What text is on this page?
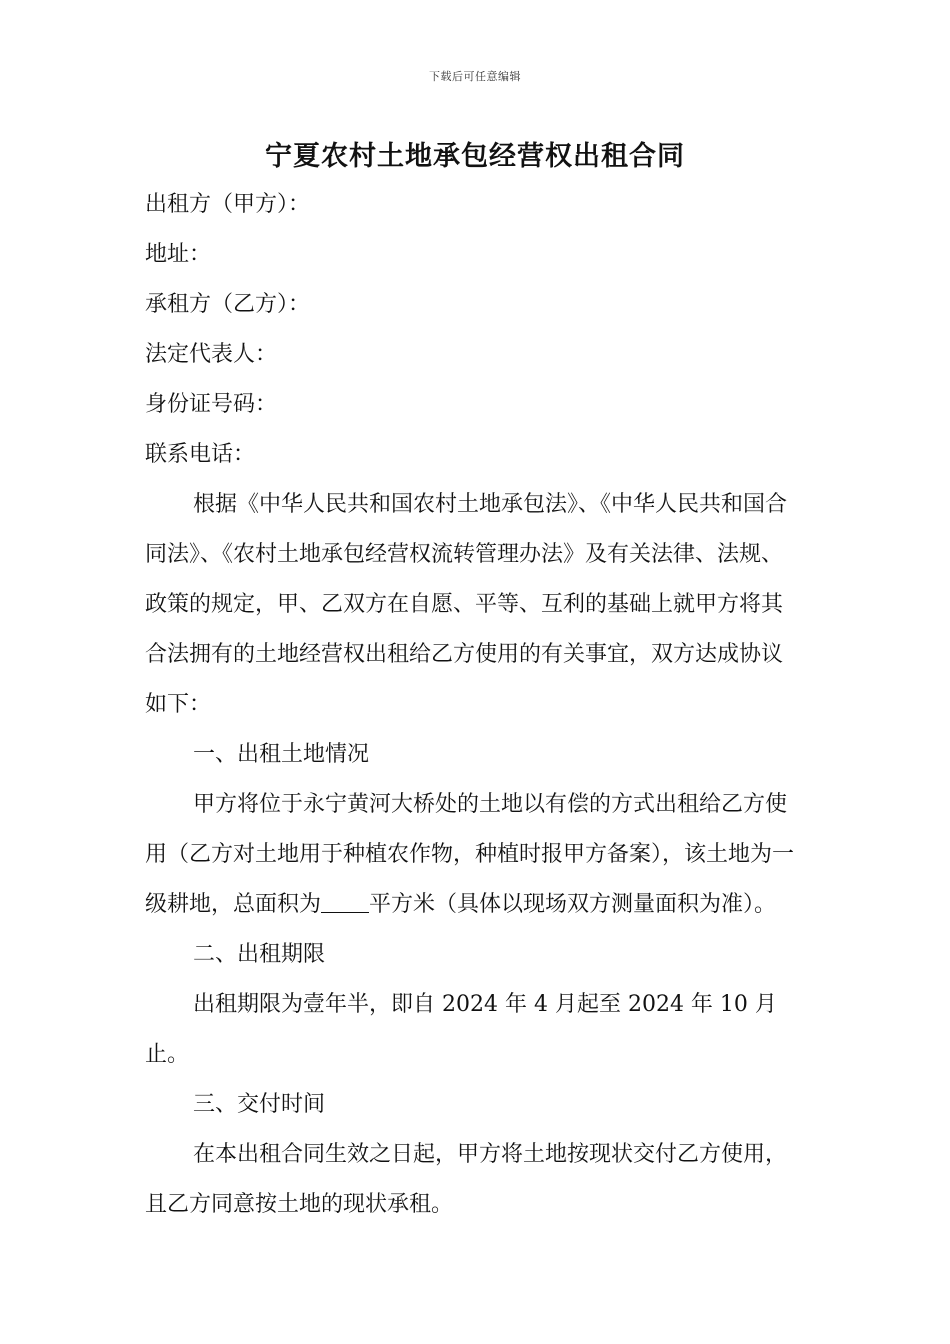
下载后可任意编辑
宁夏农村土地承包经营权出租合同

出租方（甲方）：

地址：

承租方（乙方）：

法定代表人：

身份证号码：

联系电话：

根据《中华人民共和国农村土地承包法》、《中华人民共和国合同法》、《农村土地承包经营权流转管理办法》及有关法律、法规、政策的规定，甲、乙双方在自愿、平等、互利的基础上就甲方将其合法拥有的土地经营权出租给乙方使用的有关事宜，双方达成协议如下：

一、出租土地情况

甲方将位于永宁黄河大桥处的土地以有偿的方式出租给乙方使用（乙方对土地用于种植农作物，种植时报甲方备案），该土地为一级耕地，总面积为 平方米（具体以现场双方测量面积为准）。

二、出租期限

出租期限为壹年半，即自 2024 年 4 月起至 2024 年 10 月止。

三、交付时间

在本出租合同生效之日起，甲方将土地按现状交付乙方使用，且乙方同意按土地的现状承租。
